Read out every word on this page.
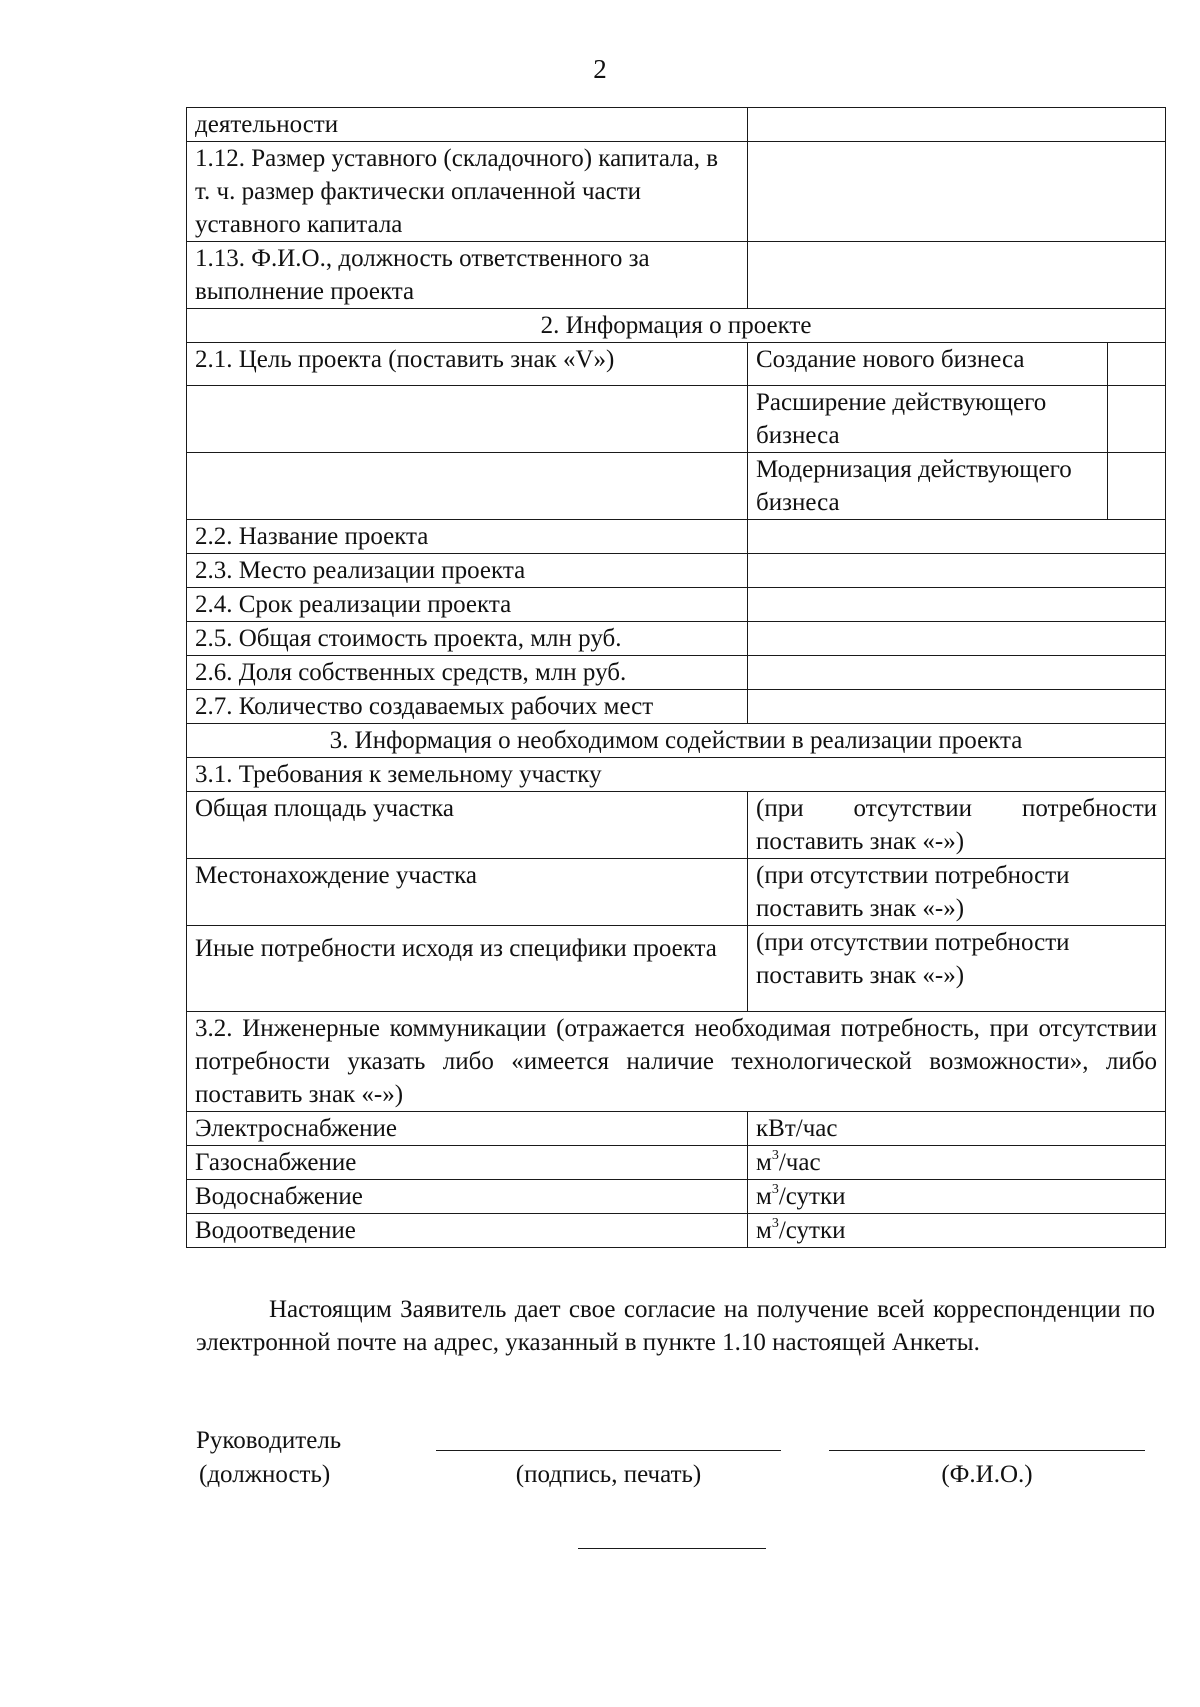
2
деятельности		
1.12. Размер уставного (складочного) капитала, в т. ч. размер фактически оплаченной части уставного капитала		
1.13. Ф.И.О., должность ответственного за выполнение проекта		
2. Информация о проекте		
2.1. Цель проекта (поставить знак «V»)	Создание нового бизнеса	
	Расширение действующего бизнеса	
	Модернизация действующего бизнеса	
2.2. Название проекта		
2.3. Место реализации проекта		
2.4. Срок реализации проекта		
2.5. Общая стоимость проекта, млн руб.		
2.6. Доля собственных средств, млн руб.		
2.7. Количество создаваемых рабочих мест		
3. Информация о необходимом содействии в реализации проекта		
3.1. Требования к земельному участку		
Общая площадь участка	(при отсутствии потребности поставить знак «-»)	
Местонахождение участка	(при отсутствии потребности поставить знак «-»)	
Иные потребности исходя из специфики проекта	(при отсутствии потребности поставить знак «-»)	
3.2. Инженерные коммуникации (отражается необходимая потребность, при отсутствии потребности указать либо «имеется наличие технологической возможности», либо поставить знак «-»)		
Электроснабжение	кВт/час	
Газоснабжение	$м^3$/час	
Водоснабжение	$м^3$/сутки	
Водоотведение	$м^3$/сутки	
Настоящим Заявитель дает свое согласие на получение всей корреспонденции по электронной почте на адрес, указанный в пункте 1.10 настоящей Анкеты.
Руководитель
(должность)	(подпись, печать)	(Ф.И.О.)
